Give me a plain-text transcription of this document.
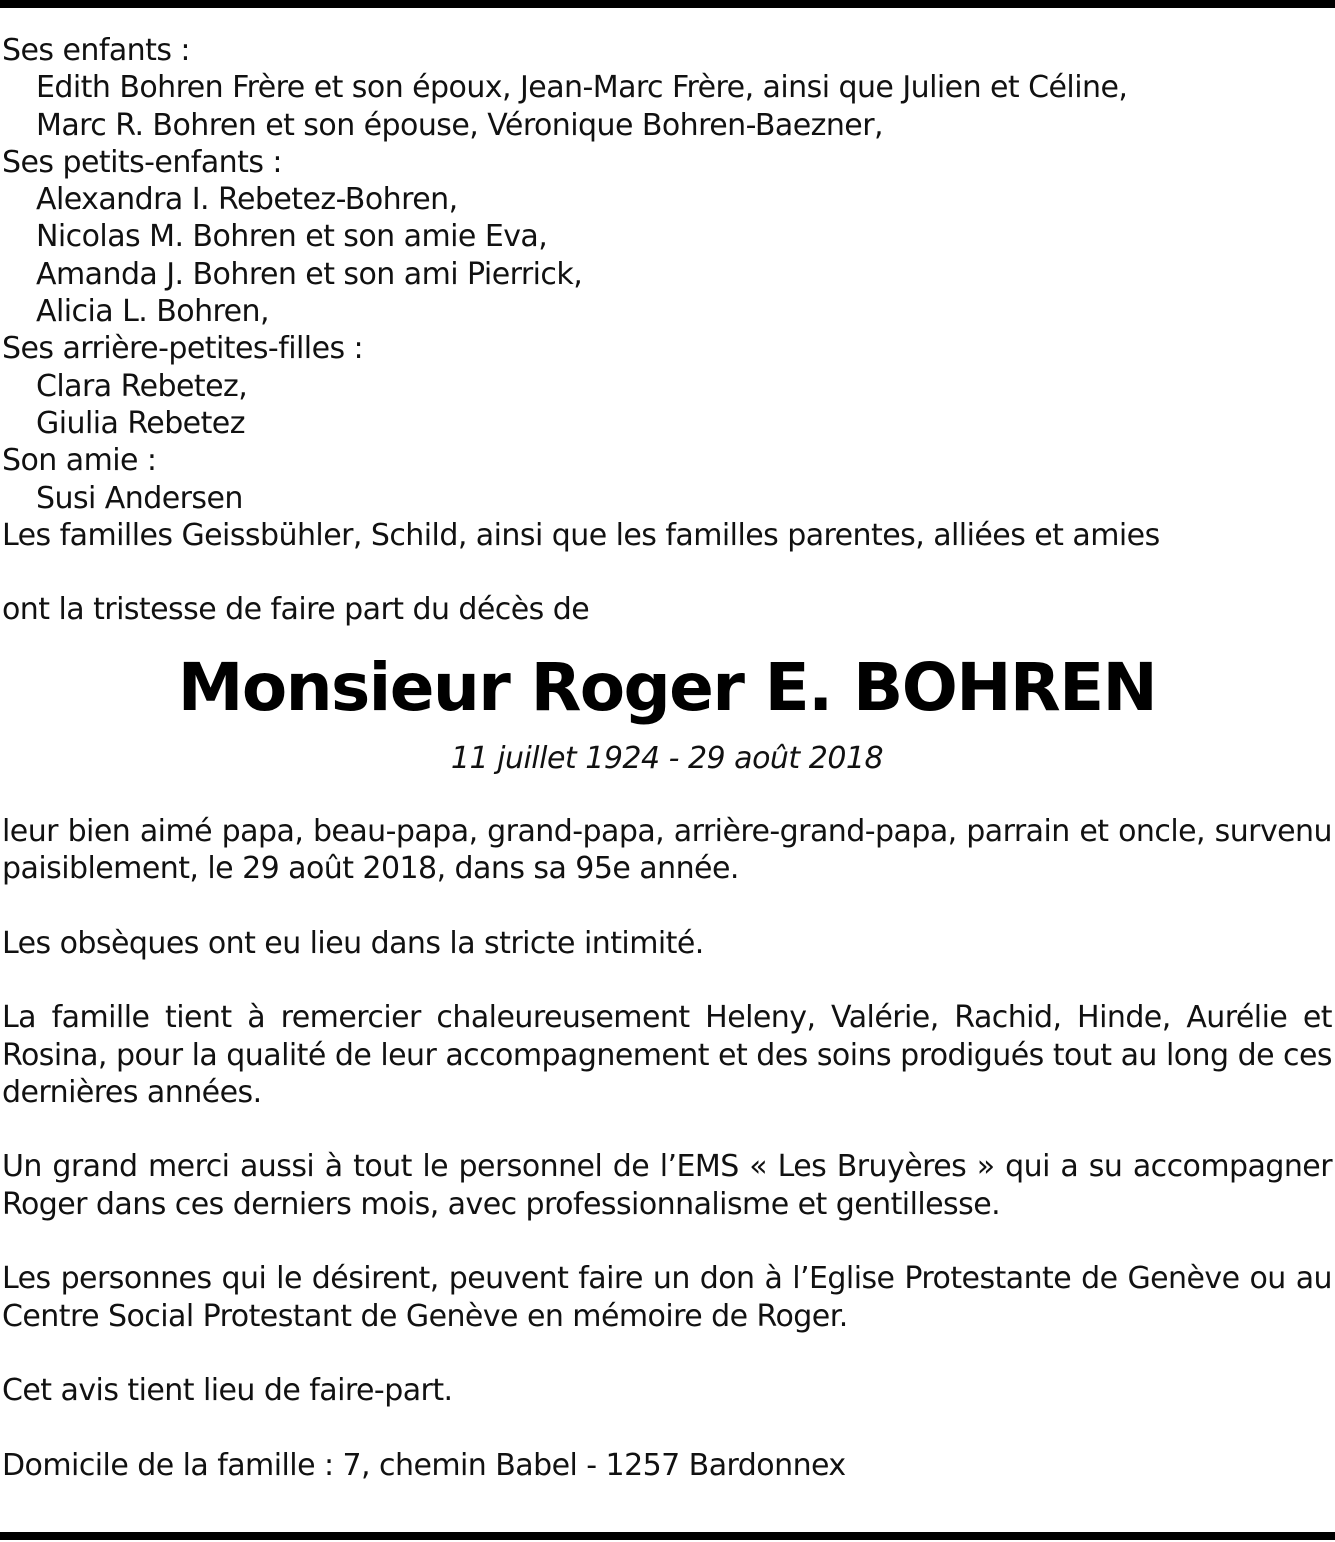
Ses enfants :
Edith Bohren Frère et son époux, Jean-Marc Frère, ainsi que Julien et Céline,
Marc R. Bohren et son épouse, Véronique Bohren-Baezner,
Ses petits-enfants :
Alexandra I. Rebetez-Bohren,
Nicolas M. Bohren et son amie Eva,
Amanda J. Bohren et son ami Pierrick,
Alicia L. Bohren,
Ses arrière-petites-filles :
Clara Rebetez,
Giulia Rebetez
Son amie :
Susi Andersen
Les familles Geissbühler, Schild, ainsi que les familles parentes, alliées et amies
ont la tristesse de faire part du décès de
Monsieur Roger E. BOHREN
11 juillet 1924 - 29 août 2018

leur bien aimé papa, beau-papa, grand-papa, arrière-grand-papa, parrain et oncle, survenu paisiblement, le 29 août 2018, dans sa 95e année.

Les obsèques ont eu lieu dans la stricte intimité.

La famille tient à remercier chaleureusement Heleny, Valérie, Rachid, Hinde, Aurélie et Rosina, pour la qualité de leur accompagnement et des soins prodigués tout au long de ces dernières années.

Un grand merci aussi à tout le personnel de l’EMS « Les Bruyères » qui a su accompagner Roger dans ces derniers mois, avec professionnalisme et gentillesse.

Les personnes qui le désirent, peuvent faire un don à l’Eglise Protestante de Genève ou au Centre Social Protestant de Genève en mémoire de Roger.

Cet avis tient lieu de faire-part.

Domicile de la famille : 7, chemin Babel - 1257 Bardonnex
